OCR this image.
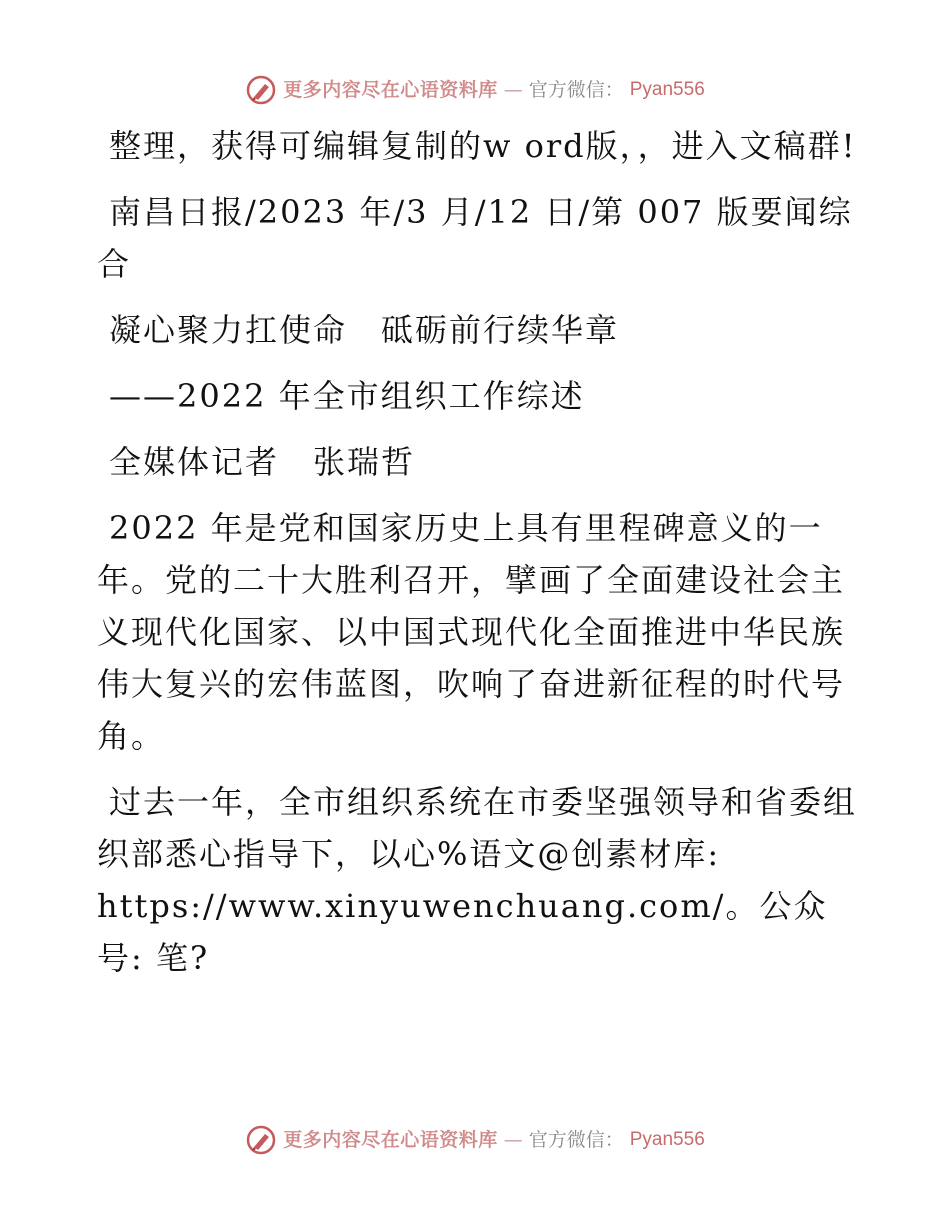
更多内容尽在心语资料库 — 官方微信： Pyan556

整理，获得可编辑复制的w ord版，，进入文稿群!

南昌日报/2023 年/3 月/12 日/第 007 版要闻综合

凝心聚力扛使命　砥砺前行续华章

——2022 年全市组织工作综述

全媒体记者　张瑞哲

2022 年是党和国家历史上具有里程碑意义的一年。党的二十大胜利召开，擘画了全面建设社会主义现代化国家、以中国式现代化全面推进中华民族伟大复兴的宏伟蓝图，吹响了奋进新征程的时代号角。

过去一年，全市组织系统在市委坚强领导和省委组织部悉心指导下，以心%语文@创素材库:

https://www.xinyuwenchuang.com/。公众号: 笔?

更多内容尽在心语资料库 — 官方微信： Pyan556
